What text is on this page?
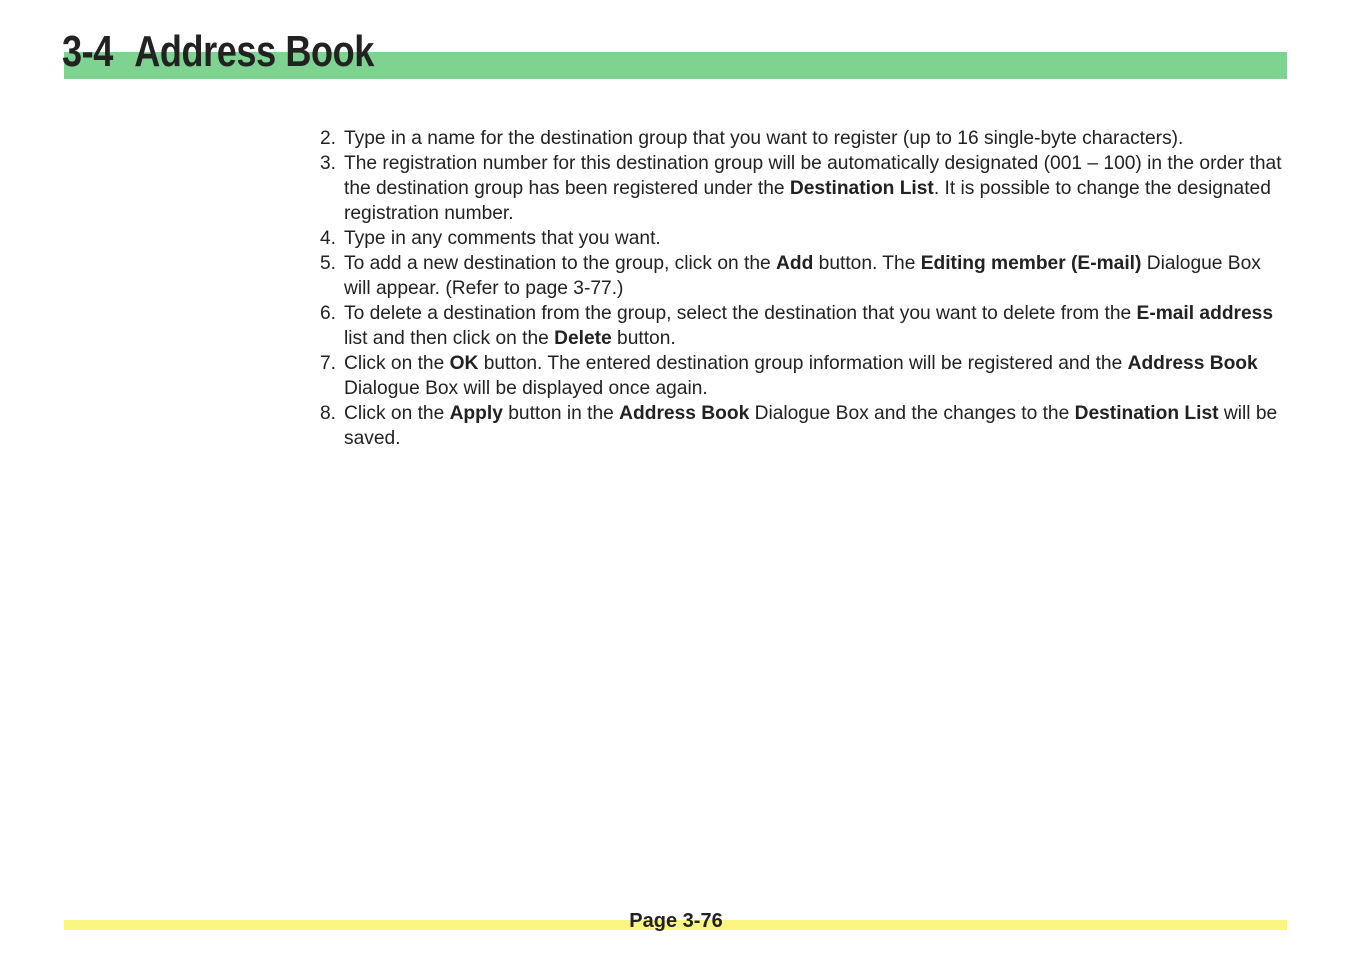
3-4 Address Book
2. Type in a name for the destination group that you want to register (up to 16 single-byte characters).
3. The registration number for this destination group will be automatically designated (001 – 100) in the order that the destination group has been registered under the Destination List. It is possible to change the designated registration number.
4. Type in any comments that you want.
5. To add a new destination to the group, click on the Add button. The Editing member (E-mail) Dialogue Box will appear. (Refer to page 3-77.)
6. To delete a destination from the group, select the destination that you want to delete from the E-mail address list and then click on the Delete button.
7. Click on the OK button. The entered destination group information will be registered and the Address Book Dialogue Box will be displayed once again.
8. Click on the Apply button in the Address Book Dialogue Box and the changes to the Destination List will be saved.
Page 3-76
